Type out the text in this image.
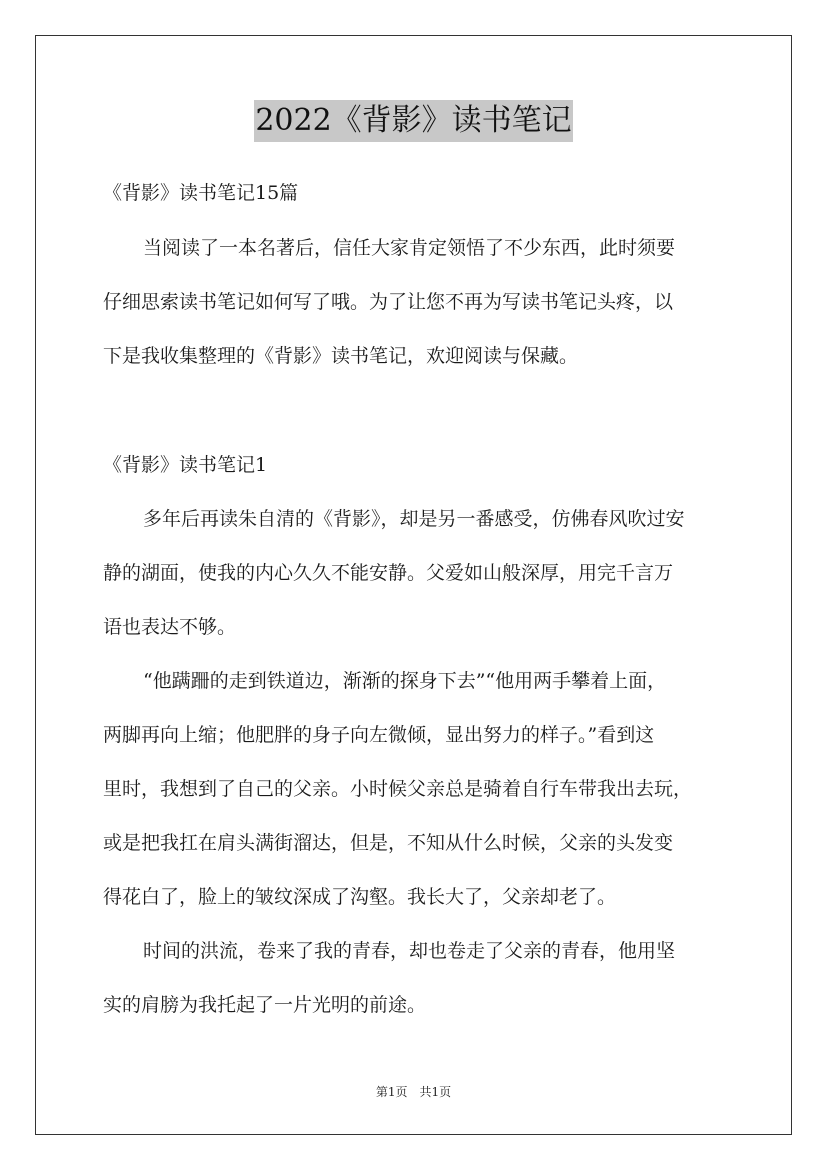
2022《背影》读书笔记
《背影》读书笔记15篇
当阅读了一本名著后，信任大家肯定领悟了不少东西，此时须要
仔细思索读书笔记如何写了哦。为了让您不再为写读书笔记头疼，以
下是我收集整理的《背影》读书笔记，欢迎阅读与保藏。
《背影》读书笔记1
多年后再读朱自清的《背影》，却是另一番感受，仿佛春风吹过安
静的湖面，使我的内心久久不能安静。父爱如山般深厚，用完千言万
语也表达不够。
“他蹒跚的走到铁道边，渐渐的探身下去”“他用两手攀着上面，
两脚再向上缩；他肥胖的身子向左微倾，显出努力的样子。”看到这
里时，我想到了自己的父亲。小时候父亲总是骑着自行车带我出去玩，
或是把我扛在肩头满街溜达，但是，不知从什么时候，父亲的头发变
得花白了，脸上的皱纹深成了沟壑。我长大了，父亲却老了。
时间的洪流，卷来了我的青春，却也卷走了父亲的青春，他用坚
实的肩膀为我托起了一片光明的前途。
第1页　共1页
